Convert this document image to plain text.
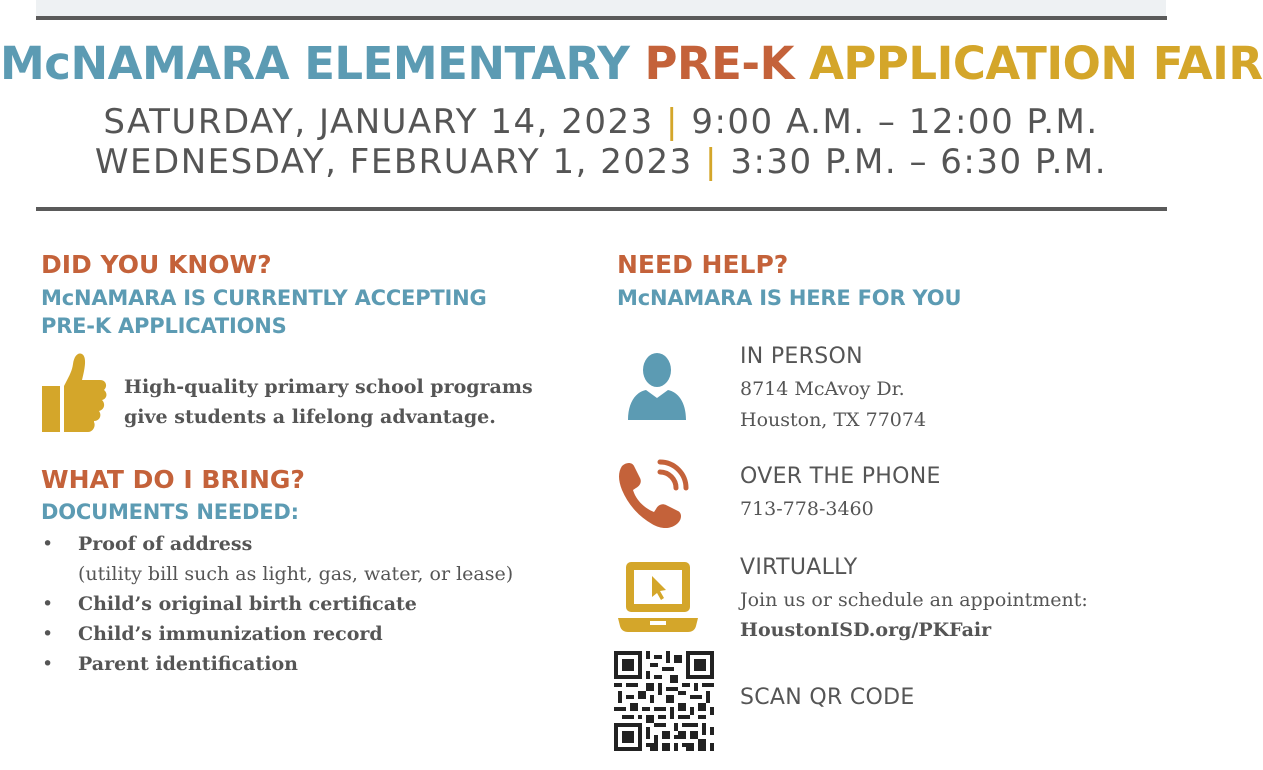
McNAMARA ELEMENTARY PRE-K APPLICATION FAIR
SATURDAY, JANUARY 14, 2023 | 9:00 A.M. – 12:00 P.M.
WEDNESDAY, FEBRUARY 1, 2023 | 3:30 P.M. – 6:30 P.M.
DID YOU KNOW?
McNAMARA IS CURRENTLY ACCEPTING
PRE-K APPLICATIONS
High-quality primary school programs
give students a lifelong advantage.
WHAT DO I BRING?
DOCUMENTS NEEDED:
• Proof of address
(utility bill such as light, gas, water, or lease)
• Child’s original birth certificate
• Child’s immunization record
• Parent identification
NEED HELP?
McNAMARA IS HERE FOR YOU
IN PERSON
8714 McAvoy Dr.
Houston, TX 77074
OVER THE PHONE
713-778-3460
VIRTUALLY
Join us or schedule an appointment:
HoustonISD.org/PKFair
SCAN QR CODE
